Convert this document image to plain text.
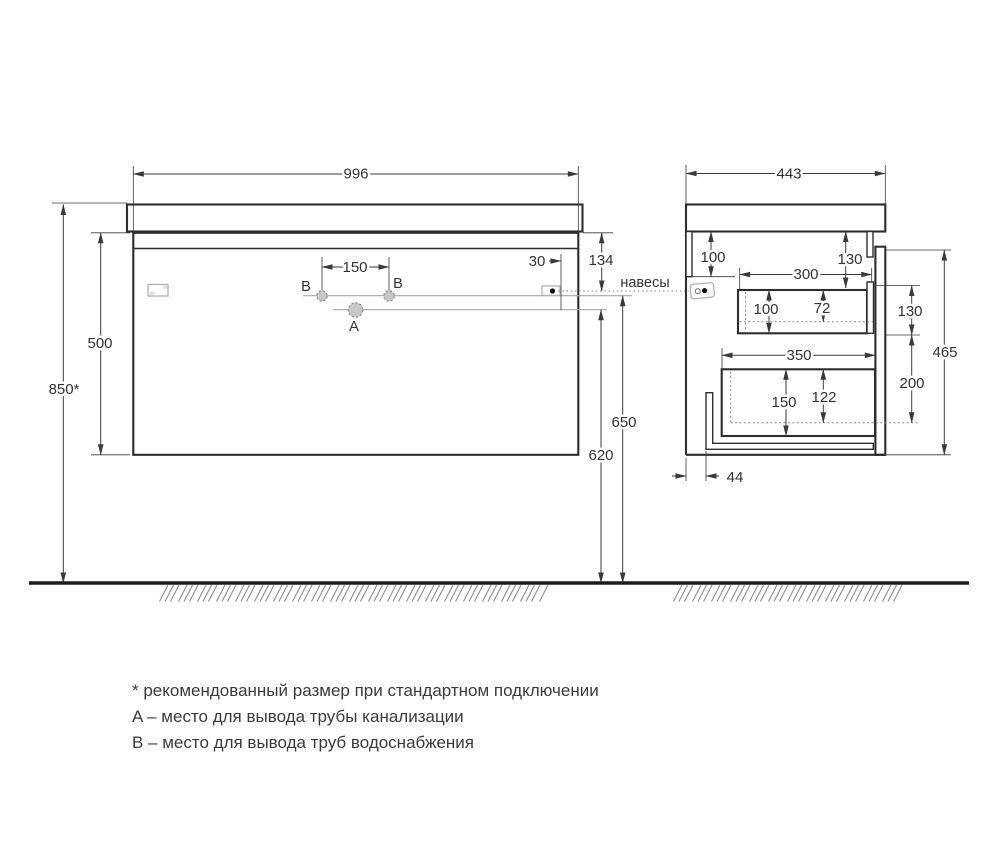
B	B
A
996
850*
500
150	30	134
650
620
навесы
443
100	130
300
100 72	130
465
350
150 122
200
44
* рекомендованный размер при стандартном подключении
A – место для вывода трубы канализации
B – место для вывода труб водоснабжения
